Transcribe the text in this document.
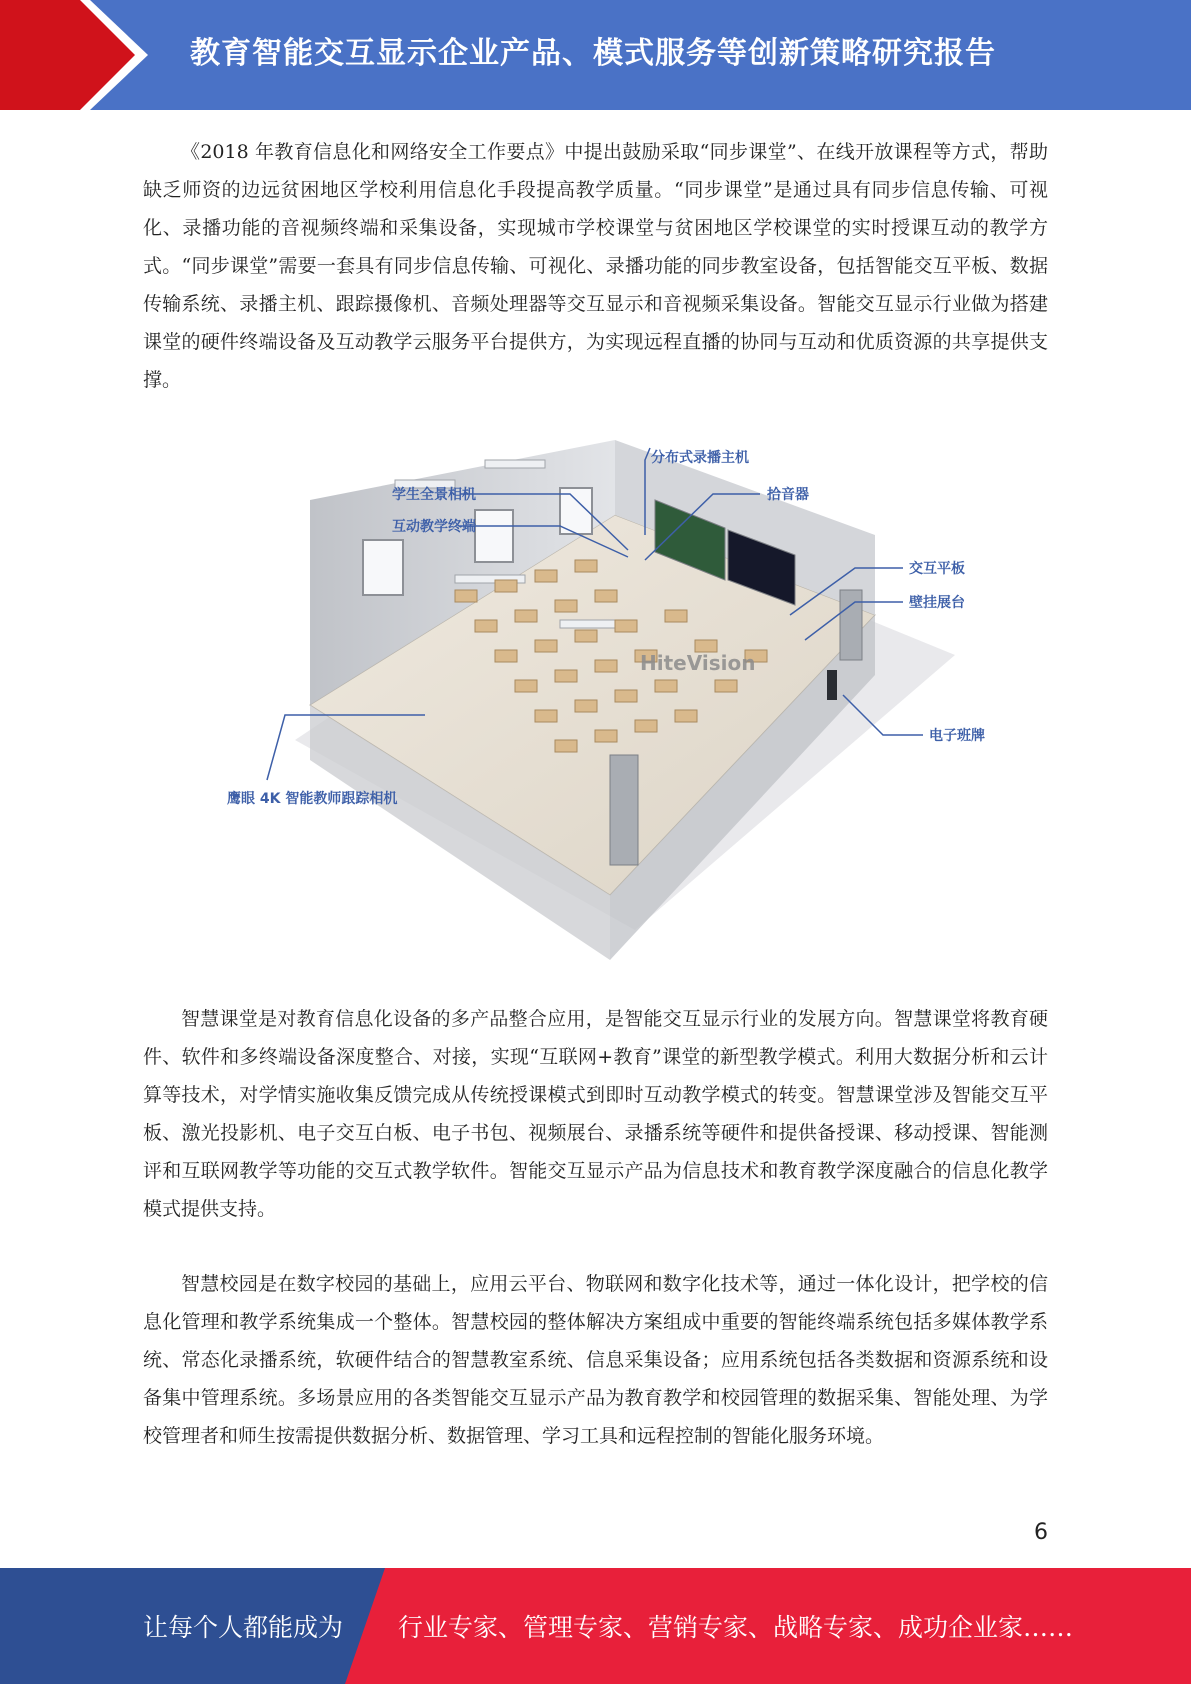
教育智能交互显示企业产品、模式服务等创新策略研究报告

《2018 年教育信息化和网络安全工作要点》中提出鼓励采取“同步课堂”、在线开放课程等方式，帮助缺乏师资的边远贫困地区学校利用信息化手段提高教学质量。“同步课堂”是通过具有同步信息传输、可视化、录播功能的音视频终端和采集设备，实现城市学校课堂与贫困地区学校课堂的实时授课互动的教学方式。“同步课堂”需要一套具有同步信息传输、可视化、录播功能的同步教室设备，包括智能交互平板、数据传输系统、录播主机、跟踪摄像机、音频处理器等交互显示和音视频采集设备。智能交互显示行业做为搭建课堂的硬件终端设备及互动教学云服务平台提供方，为实现远程直播的协同与互动和优质资源的共享提供支撑。

HiteVision
分布式录播主机
学生全景相机
互动教学终端
拾音器
交互平板
壁挂展台
电子班牌
鹰眼 4K 智能教师跟踪相机

智慧课堂是对教育信息化设备的多产品整合应用，是智能交互显示行业的发展方向。智慧课堂将教育硬件、软件和多终端设备深度整合、对接，实现“互联网+教育”课堂的新型教学模式。利用大数据分析和云计算等技术，对学情实施收集反馈完成从传统授课模式到即时互动教学模式的转变。智慧课堂涉及智能交互平板、激光投影机、电子交互白板、电子书包、视频展台、录播系统等硬件和提供备授课、移动授课、智能测评和互联网教学等功能的交互式教学软件。智能交互显示产品为信息技术和教育教学深度融合的信息化教学模式提供支持。

智慧校园是在数字校园的基础上，应用云平台、物联网和数字化技术等，通过一体化设计，把学校的信息化管理和教学系统集成一个整体。智慧校园的整体解决方案组成中重要的智能终端系统包括多媒体教学系统、常态化录播系统，软硬件结合的智慧教室系统、信息采集设备；应用系统包括各类数据和资源系统和设备集中管理系统。多场景应用的各类智能交互显示产品为教育教学和校园管理的数据采集、智能处理、为学校管理者和师生按需提供数据分析、数据管理、学习工具和远程控制的智能化服务环境。

6
让每个人都能成为 行业专家、管理专家、营销专家、战略专家、成功企业家……
